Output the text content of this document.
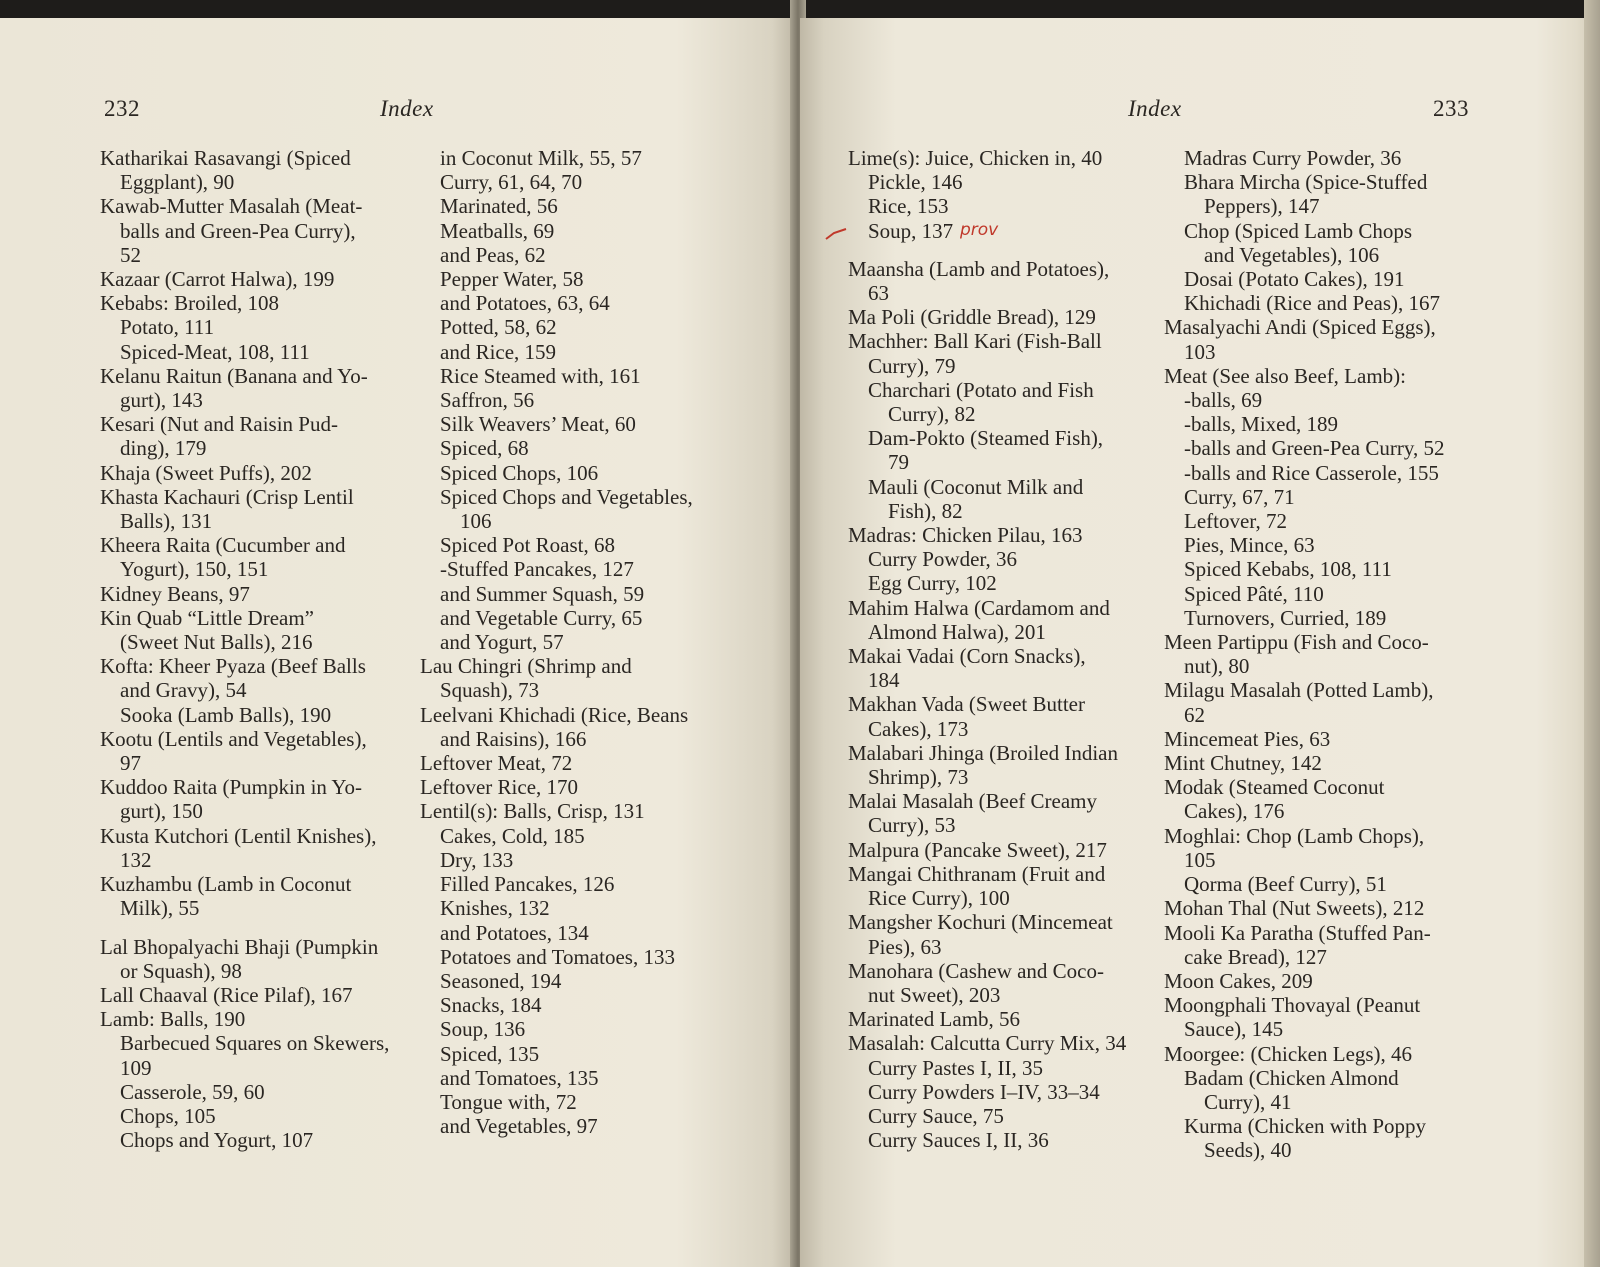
232	Index
Katharikai Rasavangi (Spiced
Eggplant), 90
Kawab-Mutter Masalah (Meat-
balls and Green-Pea Curry),
52
Kazaar (Carrot Halwa), 199
Kebabs: Broiled, 108
Potato, 111
Spiced-Meat, 108, 111
Kelanu Raitun (Banana and Yo-
gurt), 143
Kesari (Nut and Raisin Pud-
ding), 179
Khaja (Sweet Puffs), 202
Khasta Kachauri (Crisp Lentil
Balls), 131
Kheera Raita (Cucumber and
Yogurt), 150, 151
Kidney Beans, 97
Kin Quab “Little Dream”
(Sweet Nut Balls), 216
Kofta: Kheer Pyaza (Beef Balls
and Gravy), 54
Sooka (Lamb Balls), 190
Kootu (Lentils and Vegetables),
97
Kuddoo Raita (Pumpkin in Yo-
gurt), 150
Kusta Kutchori (Lentil Knishes),
132
Kuzhambu (Lamb in Coconut
Milk), 55
Lal Bhopalyachi Bhaji (Pumpkin
or Squash), 98
Lall Chaaval (Rice Pilaf), 167
Lamb: Balls, 190
Barbecued Squares on Skewers,
109
Casserole, 59, 60
Chops, 105
Chops and Yogurt, 107
in Coconut Milk, 55, 57
Curry, 61, 64, 70
Marinated, 56
Meatballs, 69
and Peas, 62
Pepper Water, 58
and Potatoes, 63, 64
Potted, 58, 62
and Rice, 159
Rice Steamed with, 161
Saffron, 56
Silk Weavers’ Meat, 60
Spiced, 68
Spiced Chops, 106
Spiced Chops and Vegetables,
106
Spiced Pot Roast, 68
-Stuffed Pancakes, 127
and Summer Squash, 59
and Vegetable Curry, 65
and Yogurt, 57
Lau Chingri (Shrimp and
Squash), 73
Leelvani Khichadi (Rice, Beans
and Raisins), 166
Leftover Meat, 72
Leftover Rice, 170
Lentil(s): Balls, Crisp, 131
Cakes, Cold, 185
Dry, 133
Filled Pancakes, 126
Knishes, 132
and Potatoes, 134
Potatoes and Tomatoes, 133
Seasoned, 194
Snacks, 184
Soup, 136
Spiced, 135
and Tomatoes, 135
Tongue with, 72
and Vegetables, 97
Index	233
Lime(s): Juice, Chicken in, 40
Pickle, 146
Rice, 153
Soup, 137
Maansha (Lamb and Potatoes),
63
Ma Poli (Griddle Bread), 129
Machher: Ball Kari (Fish-Ball
Curry), 79
Charchari (Potato and Fish
Curry), 82
Dam-Pokto (Steamed Fish),
79
Mauli (Coconut Milk and
Fish), 82
Madras: Chicken Pilau, 163
Curry Powder, 36
Egg Curry, 102
Mahim Halwa (Cardamom and
Almond Halwa), 201
Makai Vadai (Corn Snacks),
184
Makhan Vada (Sweet Butter
Cakes), 173
Malabari Jhinga (Broiled Indian
Shrimp), 73
Malai Masalah (Beef Creamy
Curry), 53
Malpura (Pancake Sweet), 217
Mangai Chithranam (Fruit and
Rice Curry), 100
Mangsher Kochuri (Mincemeat
Pies), 63
Manohara (Cashew and Coco-
nut Sweet), 203
Marinated Lamb, 56
Masalah: Calcutta Curry Mix, 34
Curry Pastes I, II, 35
Curry Powders I–IV, 33–34
Curry Sauce, 75
Curry Sauces I, II, 36
Madras Curry Powder, 36
Bhara Mircha (Spice-Stuffed
Peppers), 147
Chop (Spiced Lamb Chops
and Vegetables), 106
Dosai (Potato Cakes), 191
Khichadi (Rice and Peas), 167
Masalyachi Andi (Spiced Eggs),
103
Meat (See also Beef, Lamb):
-balls, 69
-balls, Mixed, 189
-balls and Green-Pea Curry, 52
-balls and Rice Casserole, 155
Curry, 67, 71
Leftover, 72
Pies, Mince, 63
Spiced Kebabs, 108, 111
Spiced Pâté, 110
Turnovers, Curried, 189
Meen Partippu (Fish and Coco-
nut), 80
Milagu Masalah (Potted Lamb),
62
Mincemeat Pies, 63
Mint Chutney, 142
Modak (Steamed Coconut
Cakes), 176
Moghlai: Chop (Lamb Chops),
105
Qorma (Beef Curry), 51
Mohan Thal (Nut Sweets), 212
Mooli Ka Paratha (Stuffed Pan-
cake Bread), 127
Moon Cakes, 209
Moongphali Thovayal (Peanut
Sauce), 145
Moorgee: (Chicken Legs), 46
Badam (Chicken Almond
Curry), 41
Kurma (Chicken with Poppy
Seeds), 40
prov
